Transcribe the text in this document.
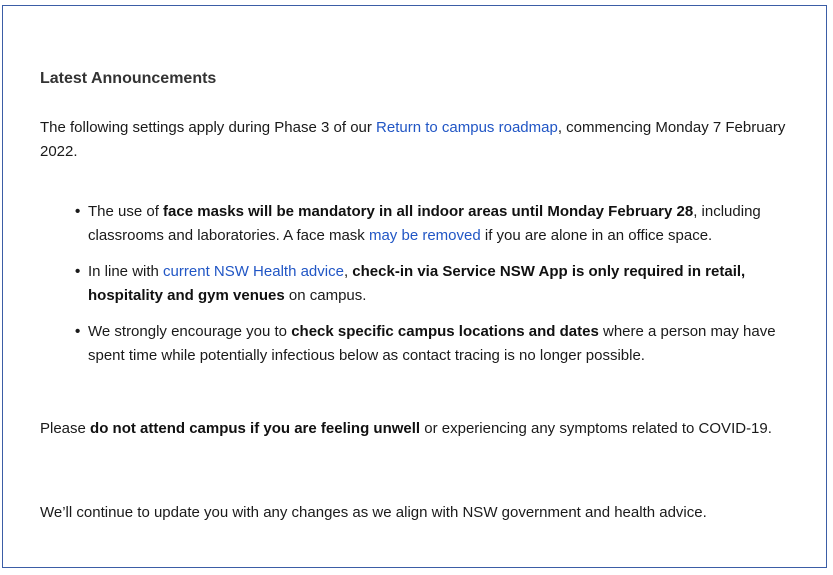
Latest Announcements

The following settings apply during Phase 3 of our Return to campus roadmap, commencing Monday 7 February 2022.

• The use of face masks will be mandatory in all indoor areas until Monday February 28, including classrooms and laboratories. A face mask may be removed if you are alone in an office space.
• In line with current NSW Health advice, check-in via Service NSW App is only required in retail, hospitality and gym venues on campus.
• We strongly encourage you to check specific campus locations and dates where a person may have spent time while potentially infectious below as contact tracing is no longer possible.

Please do not attend campus if you are feeling unwell or experiencing any symptoms related to COVID-19.

We’ll continue to update you with any changes as we align with NSW government and health advice.
